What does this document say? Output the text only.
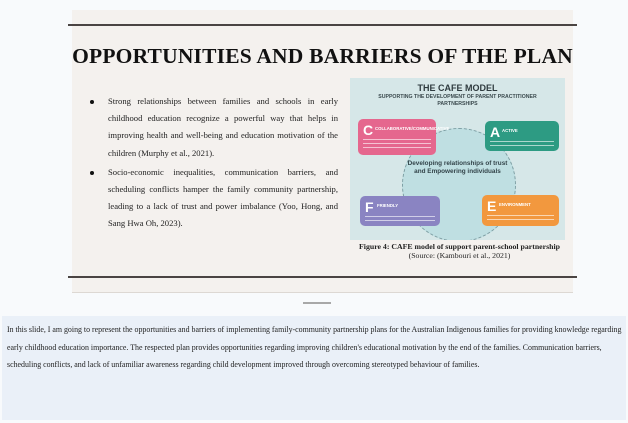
OPPORTUNITIES AND BARRIERS OF THE PLAN
Strong relationships between families and schools in early childhood education recognize a powerful way that helps in improving health and well-being and education motivation of the children (Murphy et al., 2021).
Socio-economic inequalities, communication barriers, and scheduling conflicts hamper the family community partnership, leading to a lack of trust and power imbalance (Yoo, Hong, and Sang Hwa Oh, 2023).
THE CAFE MODEL
SUPPORTING THE DEVELOPMENT OF PARENT PRACTITIONER PARTNERSHIPS
Developing relationships of trust and Empowering individuals
C COLLABORATIVE/COMMUNICATIVE	A ACTIVE
F FRIENDLY	E ENVIRONMENT
Figure 4: CAFE model of support parent-school partnership
(Source: (Kambouri et al., 2021)

In this slide, I am going to represent the opportunities and barriers of implementing family-community partnership plans for the Australian Indigenous families for providing knowledge regarding early childhood education importance. The respected plan provides opportunities regarding improving children's educational motivation by the end of the families. Communication barriers, scheduling conflicts, and lack of unfamiliar awareness regarding child development improved through overcoming stereotyped behaviour of families.
